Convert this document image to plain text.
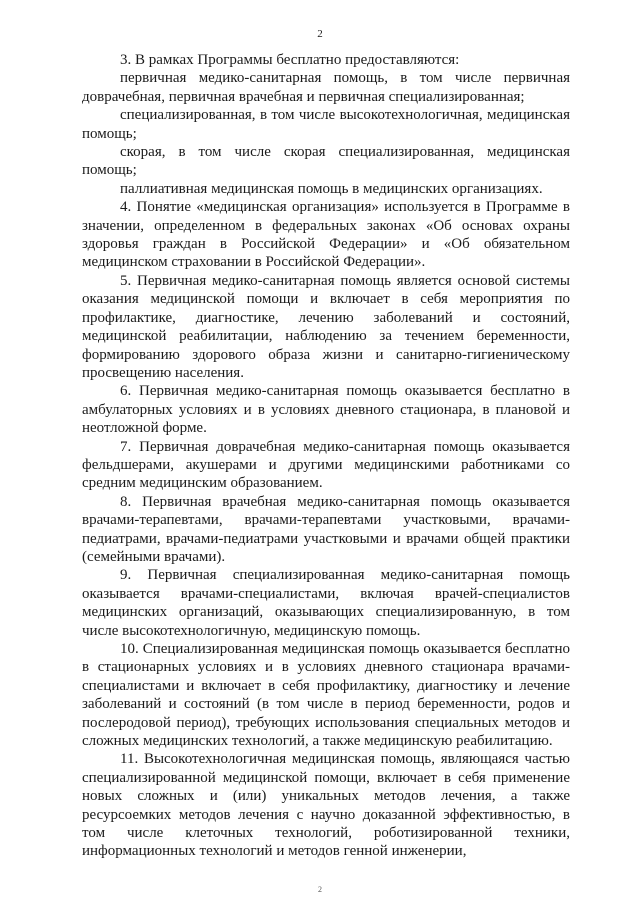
2

3. В рамках Программы бесплатно предоставляются:

первичная медико-санитарная помощь, в том числе первичная доврачебная, первичная врачебная и первичная специализированная;

специализированная, в том числе высокотехнологичная, медицинская помощь;

скорая, в том числе скорая специализированная, медицинская помощь;

паллиативная медицинская помощь в медицинских организациях.

4. Понятие «медицинская организация» используется в Программе в значении, определенном в федеральных законах «Об основах охраны здоровья граждан в Российской Федерации» и «Об обязательном медицинском страховании в Российской Федерации».

5. Первичная медико-санитарная помощь является основой системы оказания медицинской помощи и включает в себя мероприятия по профилактике, диагностике, лечению заболеваний и состояний, медицинской реабилитации, наблюдению за течением беременности, формированию здорового образа жизни и санитарно-гигиеническому просвещению населения.

6. Первичная медико-санитарная помощь оказывается бесплатно в амбулаторных условиях и в условиях дневного стационара, в плановой и неотложной форме.

7. Первичная доврачебная медико-санитарная помощь оказывается фельдшерами, акушерами и другими медицинскими работниками со средним медицинским образованием.

8. Первичная врачебная медико-санитарная помощь оказывается врачами-терапевтами, врачами-терапевтами участковыми, врачами-педиатрами, врачами-педиатрами участковыми и врачами общей практики (семейными врачами).

9. Первичная специализированная медико-санитарная помощь оказывается врачами-специалистами, включая врачей-специалистов медицинских организаций, оказывающих специализированную, в том числе высокотехнологичную, медицинскую помощь.

10. Специализированная медицинская помощь оказывается бесплатно в стационарных условиях и в условиях дневного стационара врачами-специалистами и включает в себя профилактику, диагностику и лечение заболеваний и состояний (в том числе в период беременности, родов и послеродовой период), требующих использования специальных методов и сложных медицинских технологий, а также медицинскую реабилитацию.

11. Высокотехнологичная медицинская помощь, являющаяся частью специализированной медицинской помощи, включает в себя применение новых сложных и (или) уникальных методов лечения, а также ресурсоемких методов лечения с научно доказанной эффективностью, в том числе клеточных технологий, роботизированной техники, информационных технологий и методов генной инженерии,

2
